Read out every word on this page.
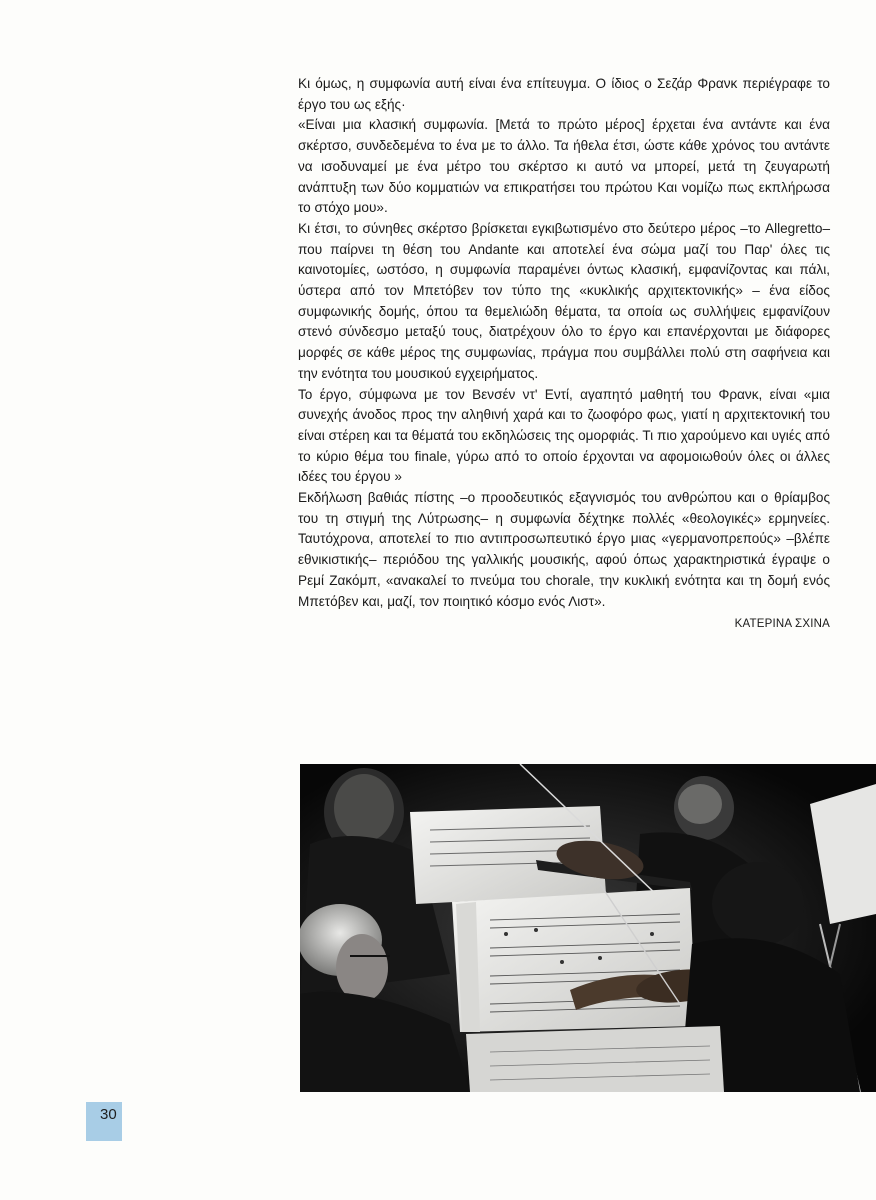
Κι όμως, η συμφωνία αυτή είναι ένα επίτευγμα. Ο ίδιος ο Σεζάρ Φρανκ περιέγραφε το έργο του ως εξής·

«Είναι μια κλασική συμφωνία. [Μετά το πρώτο μέρος] έρχεται ένα αντάντε και ένα σκέρτσο, συνδεδεμένα το ένα με το άλλο. Τα ήθελα έτσι, ώστε κάθε χρόνος του αντάντε να ισοδυναμεί με ένα μέτρο του σκέρτσο κι αυτό να μπορεί, μετά τη ζευγαρωτή ανάπτυξη των δύο κομματιών να επικρατήσει του πρώτου Και νομίζω πως εκπλήρωσα το στόχο μου».

Κι έτσι, το σύνηθες σκέρτσο βρίσκεται εγκιβωτισμένο στο δεύτερο μέρος –το Allegretto– που παίρνει τη θέση του Andante και αποτελεί ένα σώμα μαζί του Παρ' όλες τις καινοτομίες, ωστόσο, η συμφωνία παραμένει όντως κλασική, εμφανίζοντας και πάλι, ύστερα από τον Μπετόβεν τον τύπο της «κυκλικής αρχιτεκτονικής» – ένα είδος συμφωνικής δομής, όπου τα θεμελιώδη θέματα, τα οποία ως συλλήψεις εμφανίζουν στενό σύνδεσμο μεταξύ τους, διατρέχουν όλο το έργο και επανέρχονται με διάφορες μορφές σε κάθε μέρος της συμφωνίας, πράγμα που συμβάλλει πολύ στη σαφήνεια και την ενότητα του μουσικού εγχειρήματος.

Το έργο, σύμφωνα με τον Βενσέν ντ' Εντί, αγαπητό μαθητή του Φρανκ, είναι «μια συνεχής άνοδος προς την αληθινή χαρά και το ζωοφόρο φως, γιατί η αρχιτεκτονική του είναι στέρεη και τα θέματά του εκδηλώσεις της ομορφιάς. Τι πιο χαρούμενο και υγιές από το κύριο θέμα του finale, γύρω από το οποίο έρχονται να αφομοιωθούν όλες οι άλλες ιδέες του έργου »

Εκδήλωση βαθιάς πίστης –ο προοδευτικός εξαγνισμός του ανθρώπου και ο θρίαμβος του τη στιγμή της Λύτρωσης– η συμφωνία δέχτηκε πολλές «θεολογικές» ερμηνείες. Ταυτόχρονα, αποτελεί το πιο αντιπροσωπευτικό έργο μιας «γερμανοπρεπούς» –βλέπε εθνικιστικής– περιόδου της γαλλικής μουσικής, αφού όπως χαρακτηριστικά έγραψε ο Ρεμί Ζακόμπ, «ανακαλεί το πνεύμα του chorale, την κυκλική ενότητα και τη δομή ενός Μπετόβεν και, μαζί, τον ποιητικό κόσμο ενός Λιστ».

ΚΑΤΕΡΙΝΑ ΣΧΙΝΑ

30
